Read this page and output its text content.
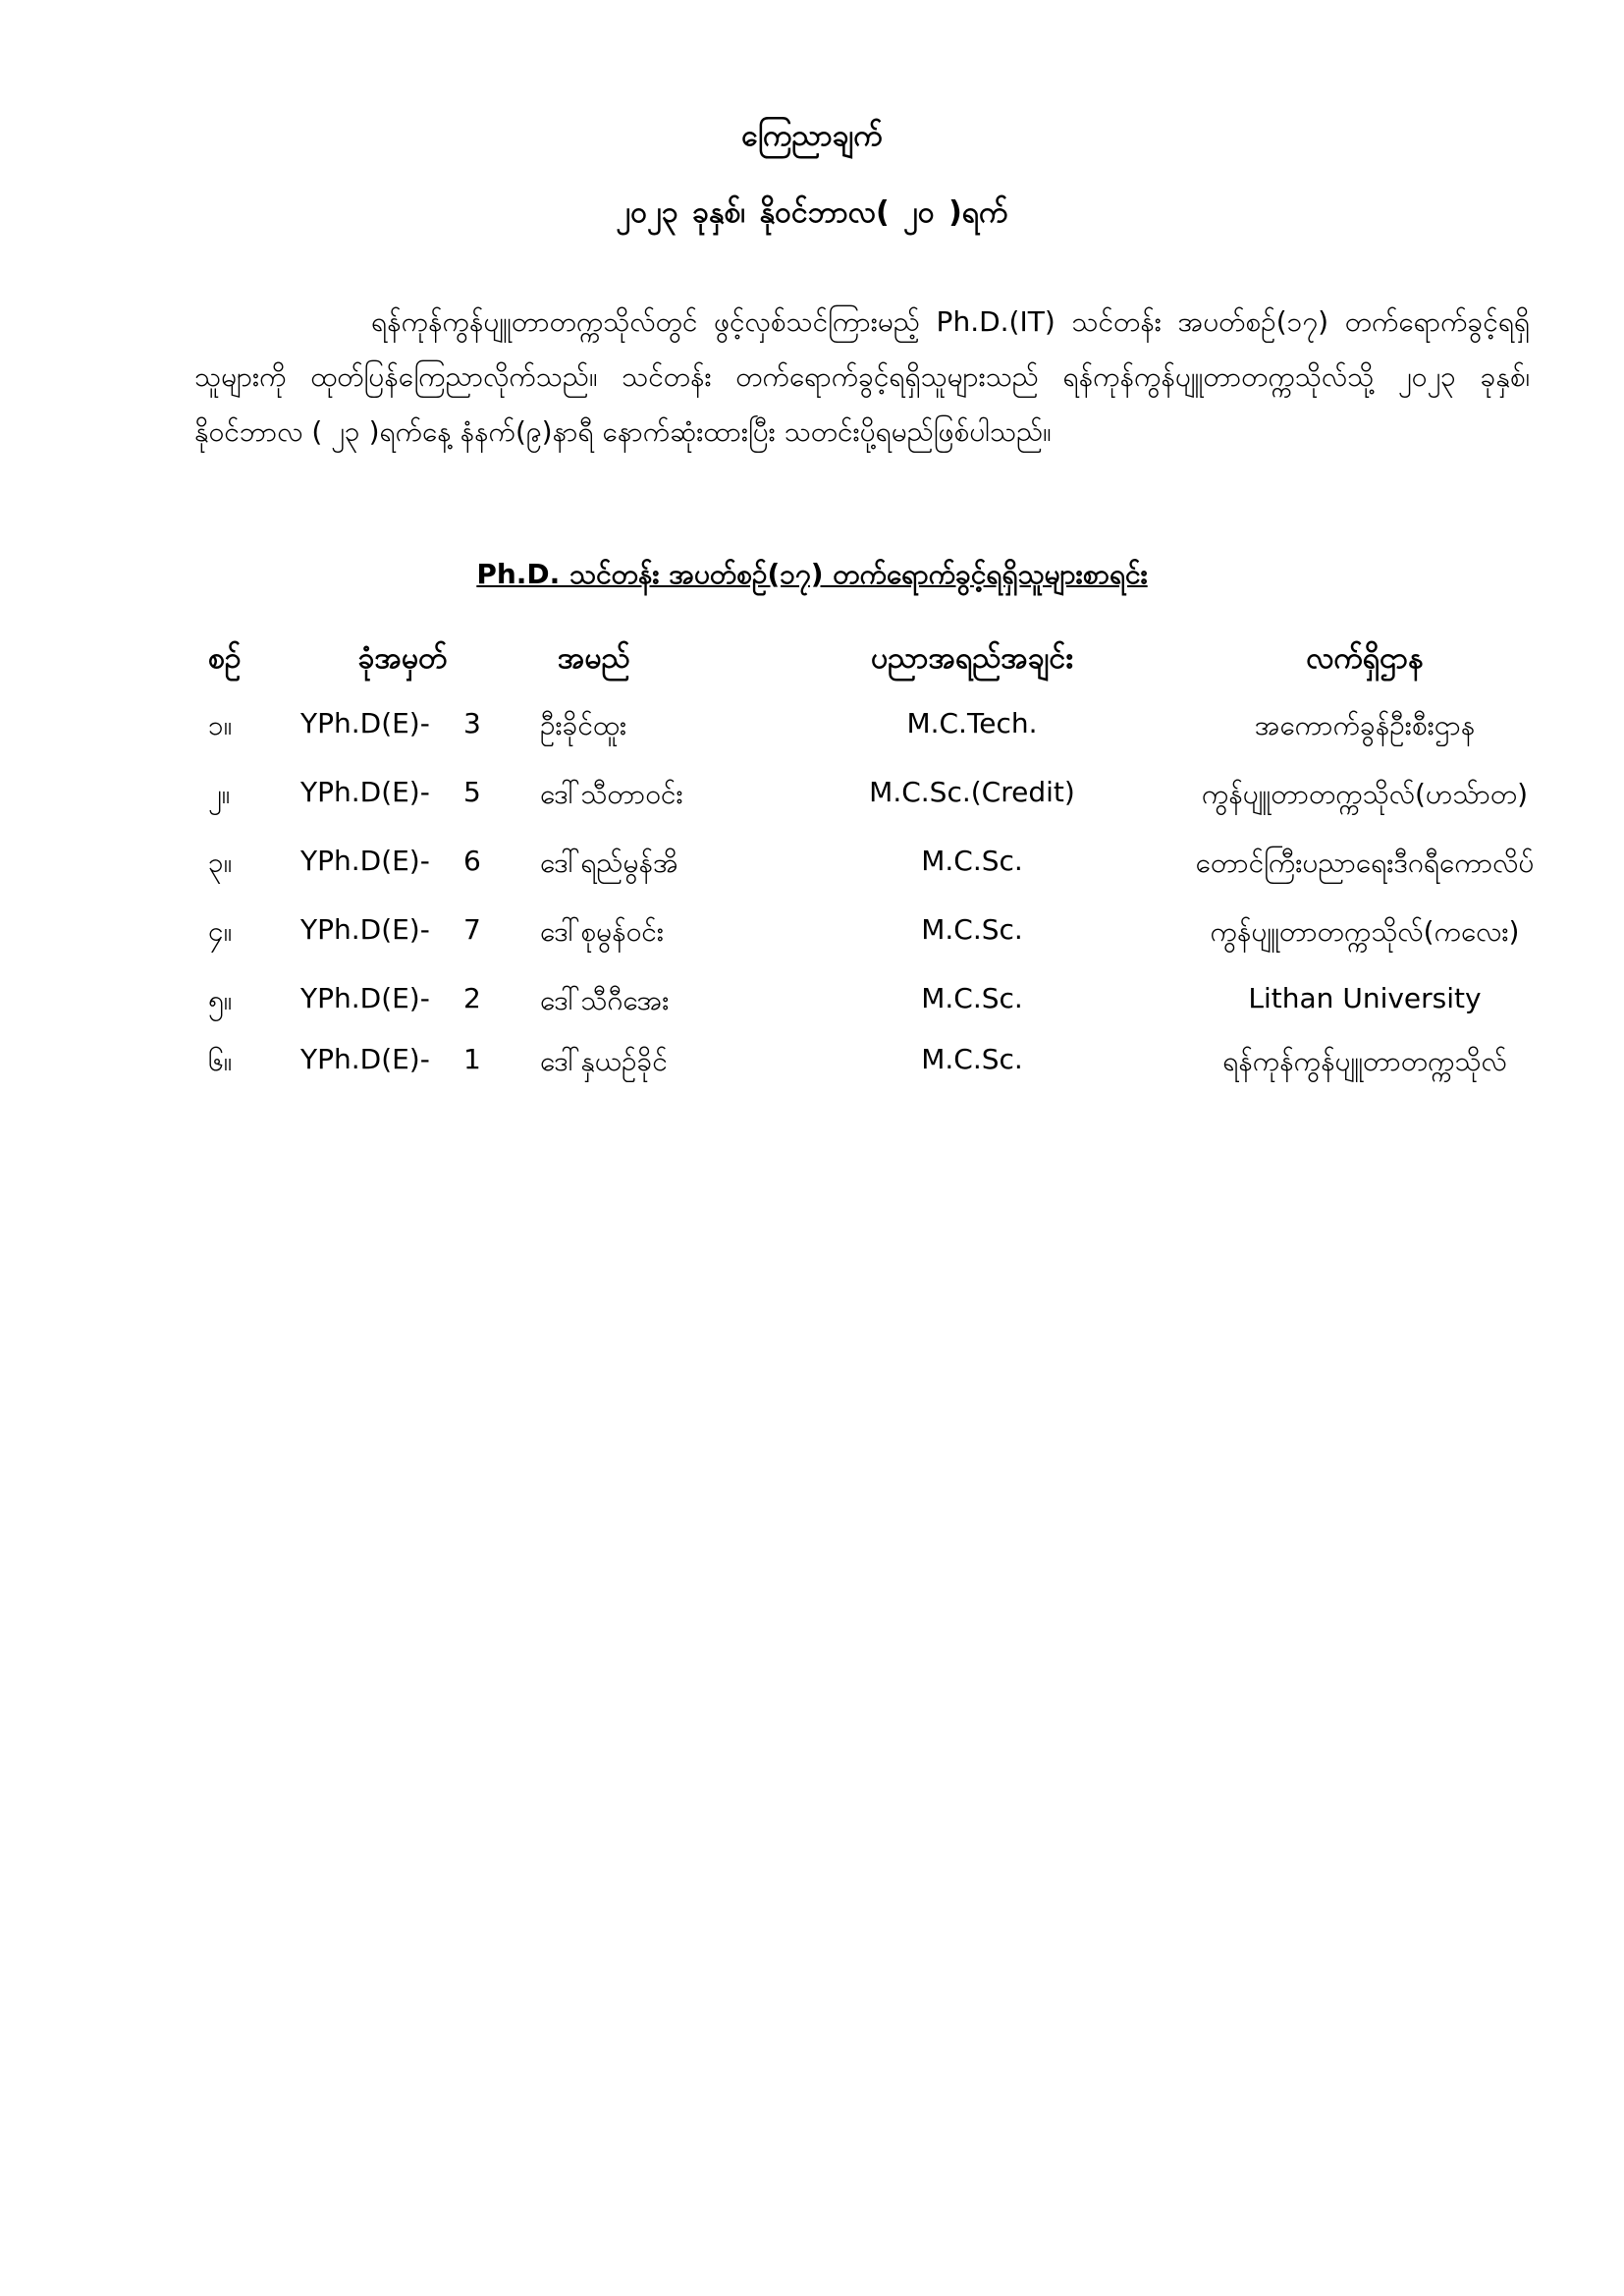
ကြေညာချက်
၂၀၂၃ ခုနှစ်၊ နိုဝင်ဘာလ( ၂၀ )ရက်
ရန်ကုန်ကွန်ပျူတာတက္ကသိုလ်တွင် ဖွင့်လှစ်သင်ကြားမည့် Ph.D.(IT) သင်တန်း အပတ်စဉ်(၁၇) တက်ရောက်ခွင့်ရရှိသူများကို ထုတ်ပြန်ကြေညာလိုက်သည်။ သင်တန်း တက်ရောက်ခွင့်ရရှိသူများသည် ရန်ကုန်ကွန်ပျူတာတက္ကသိုလ်သို့ ၂၀၂၃ ခုနှစ်၊ နိုဝင်ဘာလ ( ၂၃ )ရက်နေ့ နံနက်(၉)နာရီ နောက်ဆုံးထားပြီး သတင်းပို့ရမည်ဖြစ်ပါသည်။
Ph.D. သင်တန်း အပတ်စဉ်(၁၇) တက်ရောက်ခွင့်ရရှိသူများစာရင်း
စဉ်	ခုံအမှတ်	အမည်	ပညာအရည်အချင်း	လက်ရှိဌာန
၁။	YPh.D(E)-	3	ဦးခိုင်ထူး	M.C.Tech.	အကောက်ခွန်ဦးစီးဌာန
၂။	YPh.D(E)-	5	ဒေါ်သီတာဝင်း	M.C.Sc.(Credit)	ကွန်ပျူတာတက္ကသိုလ်(ဟသ်ာတ)
၃။	YPh.D(E)-	6	ဒေါ်ရည်မွန်အိ	M.C.Sc.	တောင်ကြီးပညာရေးဒီဂရီကောလိပ်
၄။	YPh.D(E)-	7	ဒေါ်စုမွန်ဝင်း	M.C.Sc.	ကွန်ပျူတာတက္ကသိုလ်(ကလေး)
၅။	YPh.D(E)-	2	ဒေါ်သီဂီအေး	M.C.Sc.	Lithan University
၆။	YPh.D(E)-	1	ဒေါ်နှယဉ်ခိုင်	M.C.Sc.	ရန်ကုန်ကွန်ပျူတာတက္ကသိုလ်
